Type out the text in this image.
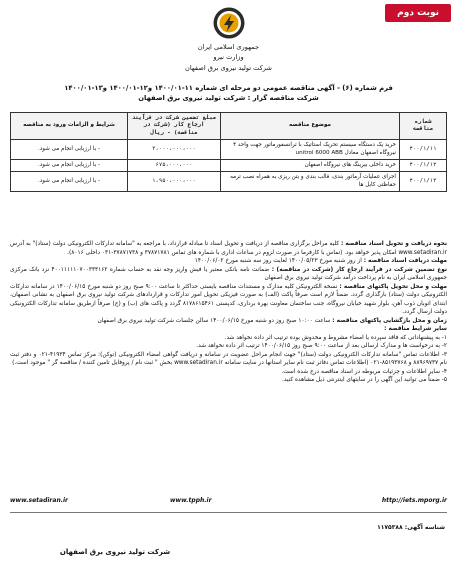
نوبت دوم
جمهوری اسلامی ایران
وزارت نیرو
شرکت تولید نیروی برق اصفهان
فرم شماره (۶) - آگهی مناقصه عمومی دو مرحله ای شماره ۱۱-۱۴۰۰/۰۱ و۱۲-۱۴۰۰/۰۱ و۱۳-۱۴۰۰/۰۱
شرکت مناقصه گزار : شرکت تولید نیروی برق اصفهان
شماره مناقصه	موضوع مناقصه	مبلغ تضمین شرکت در فرآیند ارجاع کار (شرکت در مناقصه) - ریال	شرایط و الزامات ورود به مناقصه
۴۰۰/۱/۱۱	خرید یک دستگاه سیستم تحریک استاتیک با ترانسفورماتور جهت واحد ۴ نیروگاه اصفهان معادل unitrol 6000 ABB	۳،۰۰۰،۰۰۰،۰۰۰	- با ارزیابی انجام می شود.
۴۰۰/۱/۱۲	خرید داخلی بیرینگ های نیروگاه اصفهان	۶۷۵،۰۰۰،۰۰۰	- با ارزیابی انجام می شود.
۴۰۰/۱/۱۳	اجرای عملیات آرماتور بندی، قالب بندی و بتن ریزی به همراه نصب ترمه حفاظتی کابل ها	۱،۹۵۰،۰۰۰،۰۰۰	- با ارزیابی انجام می شود.

نحوه دریافت و تحویل اسناد مناقصه : کلیه مراحل برگزاری مناقصه از دریافت و تحویل اسناد تا مبادله قرارداد، با مراجعه به "سامانه تدارکات الکترونیکی دولت (ستاد)" به آدرس www.setadiran.ir امکان پذیر خواهد بود. (تماس با کارفرما در صورت لزوم در ساعات اداری با شماره های تماس ۳۷۸۷۱۷۸۱ و ۳۷۸۷۱۷۳۸-۰۳۱ داخلی ۸۰۱۶).

مهلت دریافت اسناد مناقصه : از روز شنبه مورخ ۱۴۰۰/۰۵/۲۳ لغایت روز سه شنبه مورخ ۱۴۰۰/۰۶/۰۲

نوع تضمین شرکت در فرآیند ارجاع کار (شرکت در مناقصه) : ضمانت نامه بانکی معتبر یا فیش واریز وجه نقد به حساب شماره ۴۰۰۱۱۱۱۱۰۷۰۰۳۳۳۱۶۲ نزد بانک مرکزی جمهوری اسلامی ایران به نام پرداخت درآمد شرکت تولید نیروی برق اصفهان

مهلت و محل تحویل پاکتهای مناقصه : نسخه الکترونیکی کلیه مدارک و مستندات مناقصه بایستی حداکثر تا ساعت ۹:۰۰ صبح روز دو شنبه مورخ ۱۴۰۰/۰۶/۱۵ در سامانه تدارکات الکترونیکی دولت (ستاد) بارگذاری گردد. ضمناً لازم است صرفاً پاکت (الف) به صورت فیزیکی تحویل امور تدارکات و قراردادهای شرکت تولید نیروی برق اصفهان به نشانی اصفهان، ابتدای اتوبان ذوب آهن، بلوار شهید خیابان نیروگاه، جنب ساختمان معاونت بهره برداری، کدپستی ۸۱۷۸۶۱۵۴۶۱ گردد و پاکت های (ب) و (ج) صرفاً ازطریق سامانه تدارکات الکترونیکی دولت ارسال گردد.

زمان و محل بازگشایی پاکتهای مناقصه : ساعت ۱۰:۰۰ صبح روز دو شنبه مورخ ۱۴۰۰/۰۶/۱۵ سالن جلسات شرکت تولید نیروی برق اصفهان

سایر شرایط مناقصه :

۱- به پیشنهاداتی که فاقد سپرده یا امضاء مشروط و مخدوش بوده ترتیب اثر داده نخواهد شد.

۲- به درخواست ها و مدارک ارسالی بعد از ساعت ۹:۰۰ صبح روز ۱۴۰۰/۰۶/۱۵ ترتیب اثر داده نخواهد شد.

۳- اطلاعات تماس "سامانه تدارکات الکترونیکی دولت (ستاد)" جهت انجام مراحل عضویت در سامانه و دریافت گواهی امضاء الکترونیکی (توکن): مرکز تماس ۴۱۹۳۴-۰۲۱ و دفتر ثبت نام ۸۸۹۶۹۷۳۷ و ۸۵۱۹۳۷۶۸-۰۲۱ (اطلاعات تماس دفاتر ثبت نام سایر استانها در سایت سامانه www.setadiran.ir بخش " ثبت نام / پروفایل تامین کننده / مناقصه گر " موجود است.)

۴- سایر اطلاعات و جزئیات مربوطه در اسناد مناقصه درج شده است.

۵- ضمناً می توانید این آگهی را در سایتهای اینترنتی ذیل مشاهده کنید.

www.setadiran.ir	www.tpph.ir	http://iets.mporg.ir
شناسه آگهی: ۱۱۷۵۳۸۸
شرکت تولید نیروی برق اصفهان
